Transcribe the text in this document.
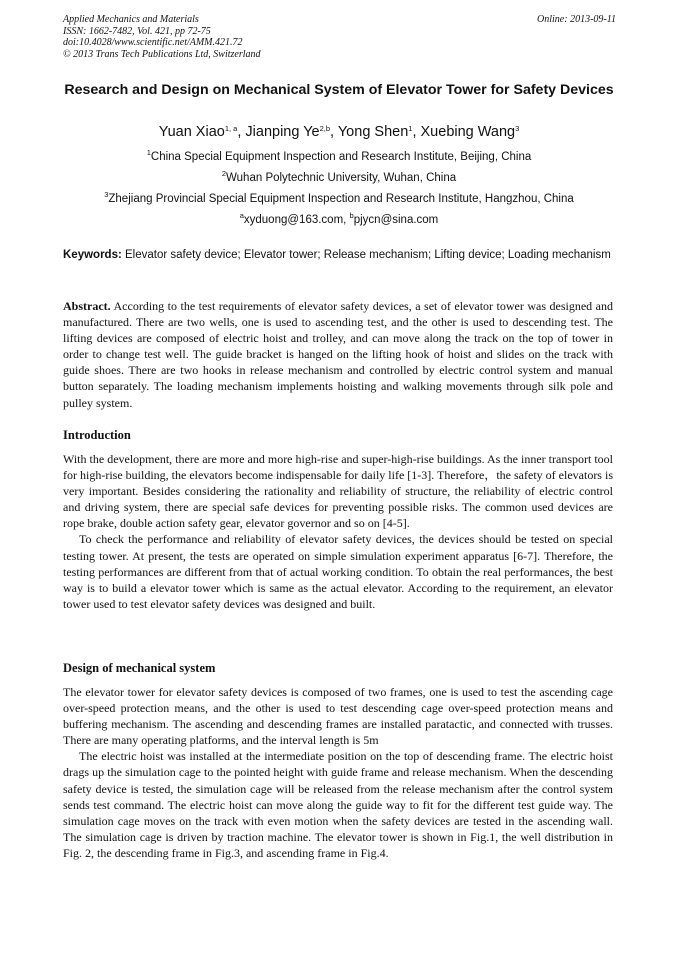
Applied Mechanics and Materials
ISSN: 1662-7482, Vol. 421, pp 72-75
doi:10.4028/www.scientific.net/AMM.421.72
© 2013 Trans Tech Publications Ltd, Switzerland
Online: 2013-09-11
Research and Design on Mechanical System of Elevator Tower for Safety Devices
Yuan Xiao$^{1, a}$, Jianping Ye$^{2,b}$, Yong Shen$^1$, Xuebing Wang$^3$
$^1$China Special Equipment Inspection and Research Institute, Beijing, China
$^2$Wuhan Polytechnic University, Wuhan, China
$^3$Zhejiang Provincial Special Equipment Inspection and Research Institute, Hangzhou, China
$^a$xyduong@163.com, $^b$pjycn@sina.com
Keywords: Elevator safety device; Elevator tower; Release mechanism; Lifting device; Loading mechanism

Abstract. According to the test requirements of elevator safety devices, a set of elevator tower was designed and manufactured. There are two wells, one is used to ascending test, and the other is used to descending test. The lifting devices are composed of electric hoist and trolley, and can move along the track on the top of tower in order to change test well. The guide bracket is hanged on the lifting hook of hoist and slides on the track with guide shoes. There are two hooks in release mechanism and controlled by electric control system and manual button separately. The loading mechanism implements hoisting and walking movements through silk pole and pulley system.

Introduction

With the development, there are more and more high-rise and super-high-rise buildings. As the inner transport tool for high-rise building, the elevators become indispensable for daily life [1-3]. Therefore，the safety of elevators is very important. Besides considering the rationality and reliability of structure, the reliability of electric control and driving system, there are special safe devices for preventing possible risks. The common used devices are rope brake, double action safety gear, elevator governor and so on [4-5].

To check the performance and reliability of elevator safety devices, the devices should be tested on special testing tower. At present, the tests are operated on simple simulation experiment apparatus [6-7]. Therefore, the testing performances are different from that of actual working condition. To obtain the real performances, the best way is to build a elevator tower which is same as the actual elevator. According to the requirement, an elevator tower used to test elevator safety devices was designed and built.

Design of mechanical system

The elevator tower for elevator safety devices is composed of two frames, one is used to test the ascending cage over-speed protection means, and the other is used to test descending cage over-speed protection means and buffering mechanism. The ascending and descending frames are installed paratactic, and connected with trusses. There are many operating platforms, and the interval length is 5m

The electric hoist was installed at the intermediate position on the top of descending frame. The electric hoist drags up the simulation cage to the pointed height with guide frame and release mechanism. When the descending safety device is tested, the simulation cage will be released from the release mechanism after the control system sends test command. The electric hoist can move along the guide way to fit for the different test guide way. The simulation cage moves on the track with even motion when the safety devices are tested in the ascending wall. The simulation cage is driven by traction machine. The elevator tower is shown in Fig.1, the well distribution in Fig. 2, the descending frame in Fig.3, and ascending frame in Fig.4.
